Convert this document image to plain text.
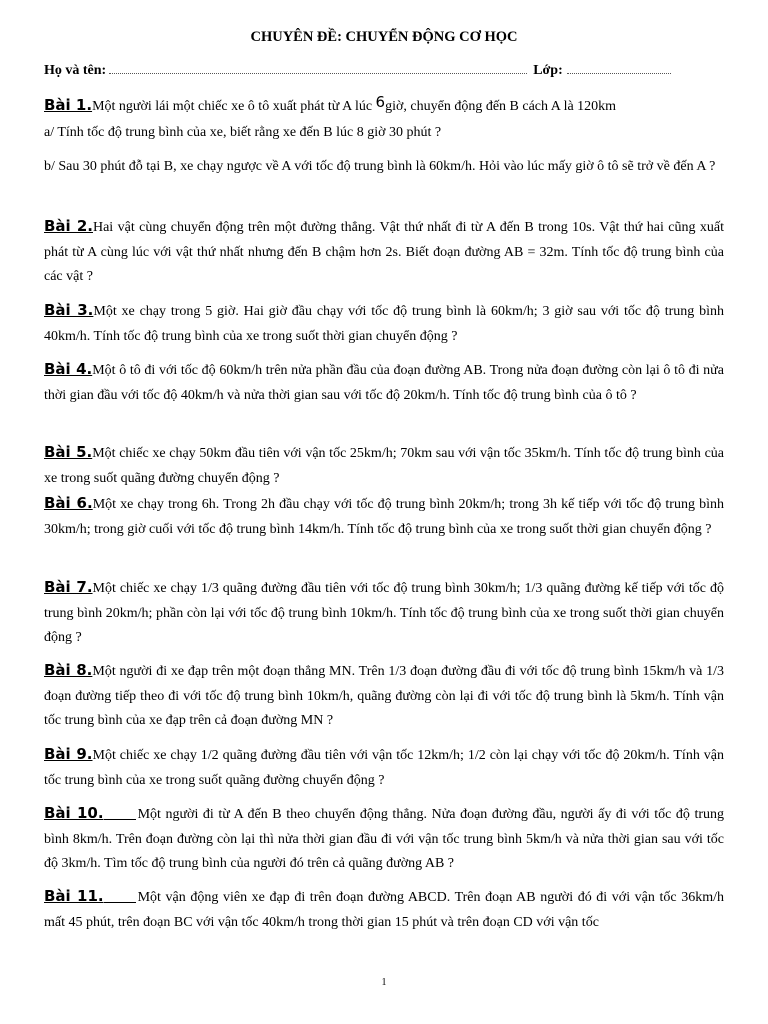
CHUYÊN ĐỀ: CHUYỂN ĐỘNG CƠ HỌC
Họ và tên:	Lớp:

Bài 1.Một người lái một chiếc xe ô tô xuất phát từ A lúc 6giờ, chuyển động đến B cách A là 120km

a/ Tính tốc độ trung bình của xe, biết rằng xe đến B lúc 8 giờ 30 phút ?

b/ Sau 30 phút đỗ tại B, xe chạy ngược về A với tốc độ trung bình là 60km/h. Hỏi vào lúc mấy giờ ô tô sẽ trở về đến A ?

Bài 2.Hai vật cùng chuyển động trên một đường thẳng. Vật thứ nhất đi từ A đến B trong 10s. Vật thứ hai cũng xuất phát từ A cùng lúc với vật thứ nhất nhưng đến B chậm hơn 2s. Biết đoạn đường AB = 32m. Tính tốc độ trung bình của các vật ?

Bài 3.Một xe chạy trong 5 giờ. Hai giờ đầu chạy với tốc độ trung bình là 60km/h; 3 giờ sau với tốc độ trung bình 40km/h. Tính tốc độ trung bình của xe trong suốt thời gian chuyển động ?

Bài 4.Một ô tô đi với tốc độ 60km/h trên nửa phần đầu của đoạn đường AB. Trong nửa đoạn đường còn lại ô tô đi nửa thời gian đầu với tốc độ 40km/h và nửa thời gian sau với tốc độ 20km/h. Tính tốc độ trung bình của ô tô ?

Bài 5.Một chiếc xe chạy 50km đầu tiên với vận tốc 25km/h; 70km sau với vận tốc 35km/h. Tính tốc độ trung bình của xe trong suốt quãng đường chuyển động ?

Bài 6.Một xe chạy trong 6h. Trong 2h đầu chạy với tốc độ trung bình 20km/h; trong 3h kế tiếp với tốc độ trung bình 30km/h; trong giờ cuối với tốc độ trung bình 14km/h. Tính tốc độ trung bình của xe trong suốt thời gian chuyển động ?

Bài 7.Một chiếc xe chạy 1/3 quãng đường đầu tiên với tốc độ trung bình 30km/h; 1/3 quãng đường kế tiếp với tốc độ trung bình 20km/h; phần còn lại với tốc độ trung bình 10km/h. Tính tốc độ trung bình của xe trong suốt thời gian chuyển động ?

Bài 8.Một người đi xe đạp trên một đoạn thẳng MN. Trên 1/3 đoạn đường đầu đi với tốc độ trung bình 15km/h và 1/3 đoạn đường tiếp theo đi với tốc độ trung bình 10km/h, quãng đường còn lại đi với tốc độ trung bình là 5km/h. Tính vận tốc trung bình của xe đạp trên cả đoạn đường MN ?

Bài 9.Một chiếc xe chạy 1/2 quãng đường đầu tiên với vận tốc 12km/h; 1/2 còn lại chạy với tốc độ 20km/h. Tính vận tốc trung bình của xe trong suốt quãng đường chuyển động ?

Bài 10. Một người đi từ A đến B theo chuyển động thẳng. Nửa đoạn đường đầu, người ấy đi với tốc độ trung bình 8km/h. Trên đoạn đường còn lại thì nửa thời gian đầu đi với vận tốc trung bình 5km/h và nửa thời gian sau với tốc độ 3km/h. Tìm tốc độ trung bình của người đó trên cả quãng đường AB ?

Bài 11. Một vận động viên xe đạp đi trên đoạn đường ABCD. Trên đoạn AB người đó đi với vận tốc 36km/h mất 45 phút, trên đoạn BC với vận tốc 40km/h trong thời gian 15 phút và trên đoạn CD với vận tốc

1
